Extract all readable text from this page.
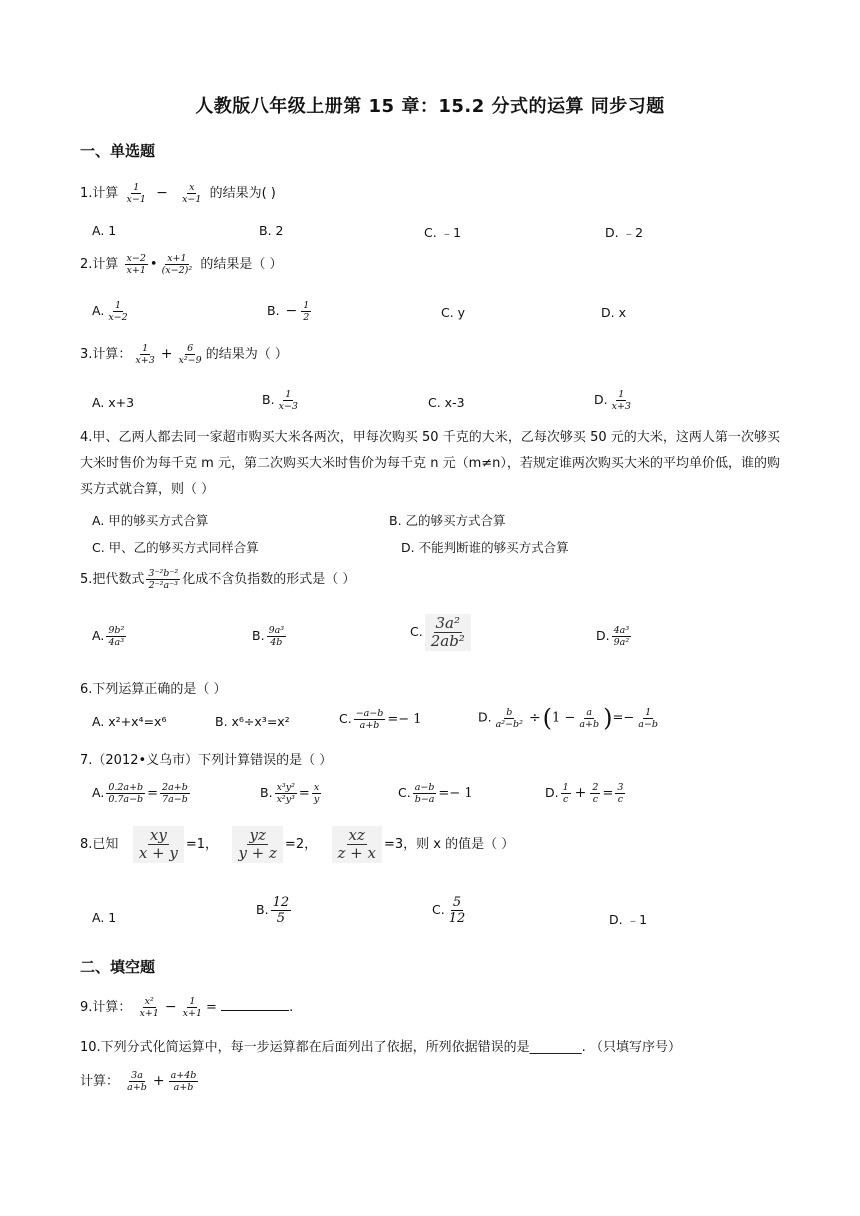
人教版八年级上册第 15 章：15.2 分式的运算 同步习题
一、单选题
1.计算 $\frac{1}{x-1} - \frac{x}{x-1}$ 的结果为( )
A. 1	B. 2	C. ﹣1	D. ﹣2
2.计算 $\frac{x-2}{x+1}$ • $\frac{x+1}{\text{(x−2)²}}$ 的结果是（ ）
A. $\frac{1}{x-2}$	B. − $\frac{1}{2}$	C. y	D. x
3.计算： $\frac{1}{x+3} + \frac{6}{\text{x²−9}}$ 的结果为（ ）
A. x+3	B. $\frac{1}{x-3}$	C. x-3	D. $\frac{1}{x+3}$
4.甲、乙两人都去同一家超市购买大米各两次，甲每次购买 50 千克的大米，乙每次够买 50 元的大米，这两人第一次够买大米时售价为每千克 m 元，第二次购买大米时售价为每千克 n 元（m≠n），若规定谁两次购买大米的平均单价低，谁的购买方式就合算，则（ ）
A. 甲的够买方式合算	B. 乙的够买方式合算
C. 甲、乙的够买方式同样合算	D. 不能判断谁的够买方式合算
5.把代数式 $\frac{\text{3⁻²b⁻²}}{\text{2⁻²a⁻³}}$ 化成不含负指数的形式是（ ）
A. $\frac{\text{9b²}}{\text{4a³}}$	B. $\frac{\text{9a³}}{4b}$	C. $\frac{\text{3a²}}{\text{2ab²}}$	D. $\frac{\text{4a³}}{\text{9a²}}$
6.下列运算正确的是（ ）
A. x²+x⁴=x⁶	B. x⁶÷x³=x²	C. $\frac{-a-b}{a+b} =- 1$	D. $\frac{b}{\text{a²−b²}} \div(1 - \frac{a}{a+b}$ )=− $\frac{1}{a-b}$
7.（2012•义乌市）下列计算错误的是（ ）
A. $\frac{0.2a+b}{0.7a-b} = \frac{2a+b}{7a-b}$	B. $\frac{\text{x³y²}}{\text{x²y³}} = \frac{x}{y}$	C. $\frac{a-b}{b-a} =- 1$	D. $\frac{1}{c} + \frac{2}{c} = \frac{3}{c}$
8.已知 $\frac{xy}{x + y} =1$， $\frac{yz}{y + z} =2$， $\frac{xz}{z + x} =3$，则 x 的值是（ ）
A. 1
B. $\frac{12}{5}$	C. $\frac{5}{12}$	D. ﹣1
二、填空题
9.计算： $\frac{\text{x²}}{x+1} - \frac{1}{x+1}$ =	.
10.下列分式化简运算中，每一步运算都在后面列出了依据，所列依据错误的是________. （只填写序号）
计算： $\frac{3a}{a+b} + \frac{a+4b}{a+b}$
